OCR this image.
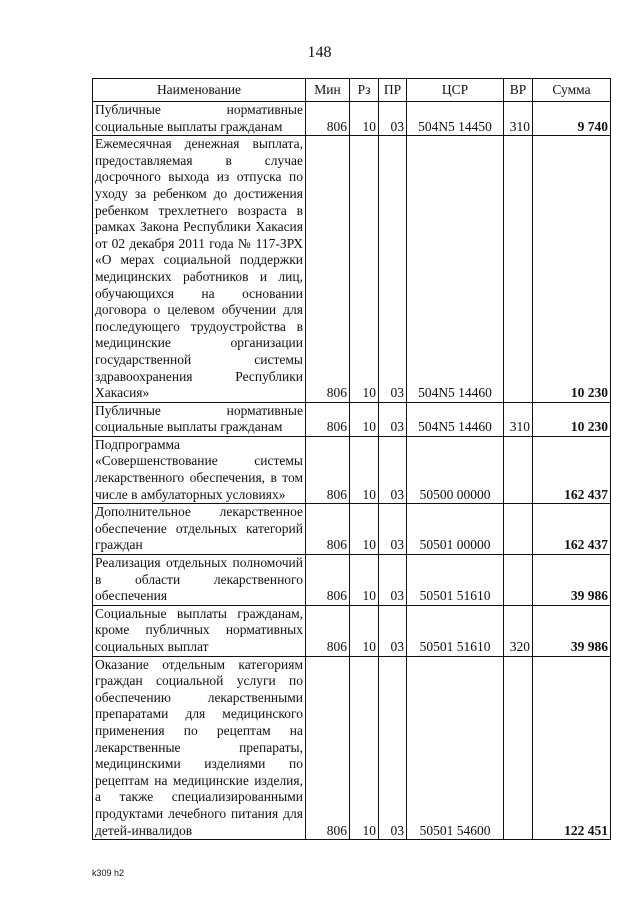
148
Наименование	Мин	Рз	ПР	ЦСР	ВР	Сумма
Публичные нормативные социальные выплаты гражданам	806	10	03	504N5 14450	310	9 740
Ежемесячная денежная выплата, предоставляемая в случае досрочного выхода из отпуска по уходу за ребенком до достижения ребенком трехлетнего возраста в рамках Закона Республики Хакасия от 02 декабря 2011 года № 117-ЗРХ «О мерах социальной поддержки медицинских работников и лиц, обучающихся на основании договора о целевом обучении для последующего трудоустройства в медицинские организации государственной системы здравоохранения Республики Хакасия»	806	10	03	504N5 14460		10 230
Публичные нормативные социальные выплаты гражданам	806	10	03	504N5 14460	310	10 230
Подпрограмма «Совершенствование системы лекарственного обеспечения, в том числе в амбулаторных условиях»	806	10	03	50500 00000		162 437
Дополнительное лекарственное обеспечение отдельных категорий граждан	806	10	03	50501 00000		162 437
Реализация отдельных полномочий в области лекарственного обеспечения	806	10	03	50501 51610		39 986
Социальные выплаты гражданам, кроме публичных нормативных социальных выплат	806	10	03	50501 51610	320	39 986
Оказание отдельным категориям граждан социальной услуги по обеспечению лекарственными препаратами для медицинского применения по рецептам на лекарственные препараты, медицинскими изделиями по рецептам на медицинские изделия, а также специализированными продуктами лечебного питания для детей-инвалидов	806	10	03	50501 54600		122 451
k309 h2
